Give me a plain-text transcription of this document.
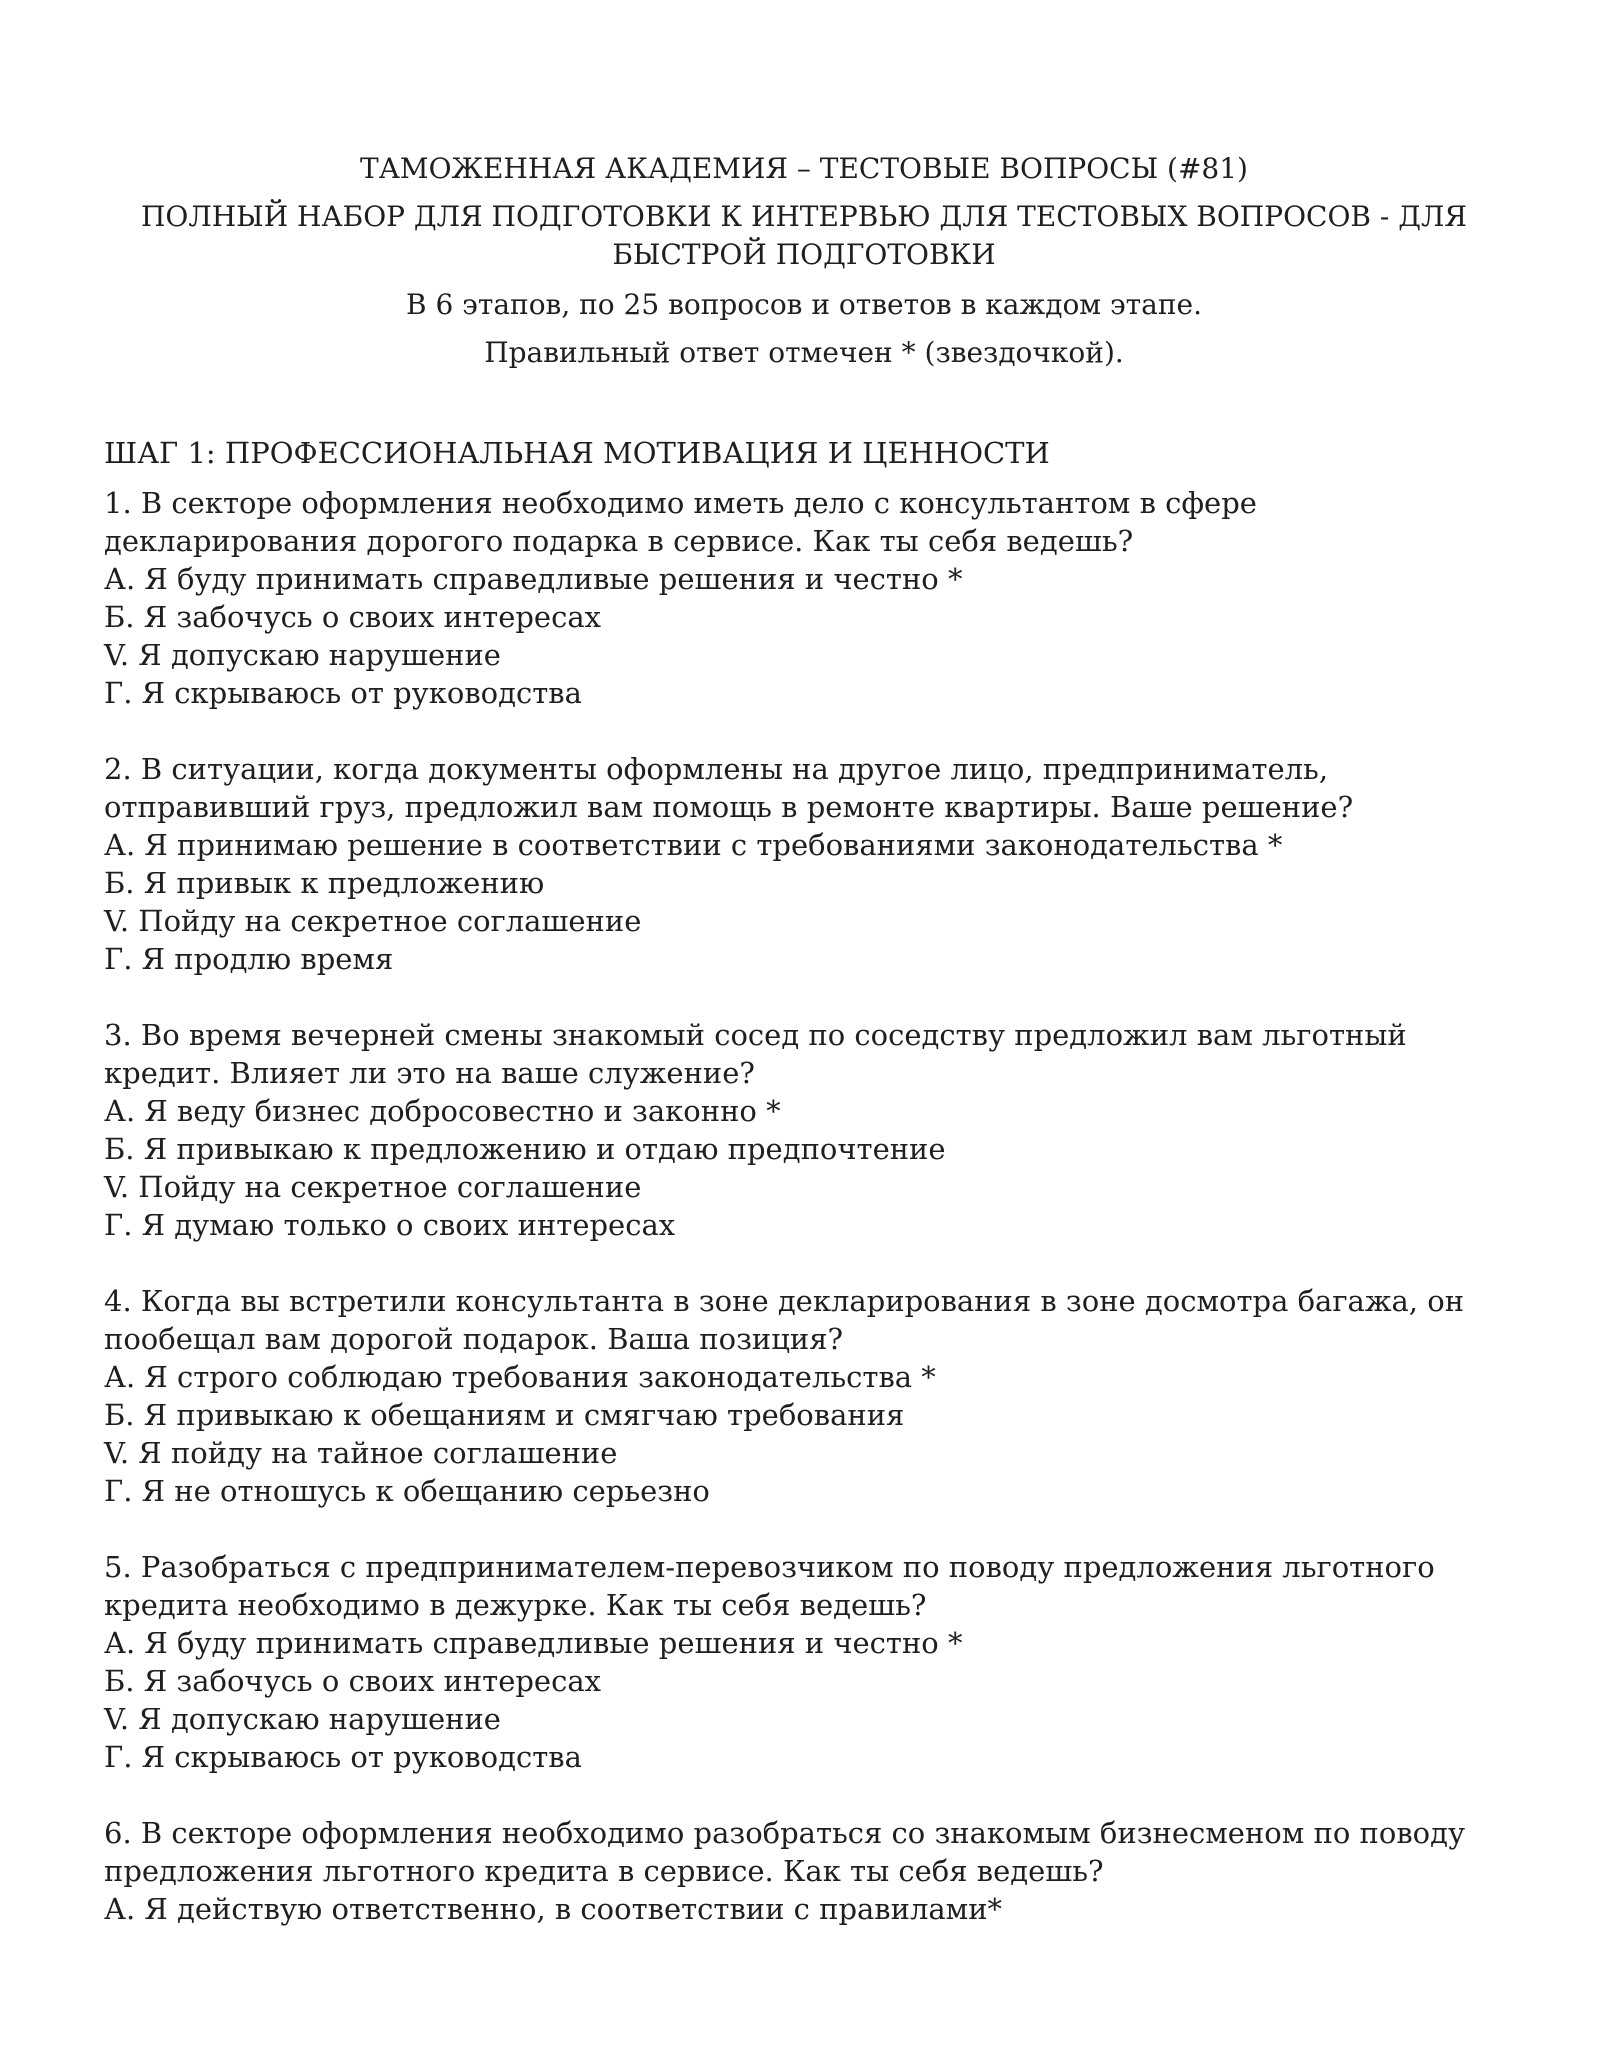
ТАМОЖЕННАЯ АКАДЕМИЯ – ТЕСТОВЫЕ ВОПРОСЫ (#81)
ПОЛНЫЙ НАБОР ДЛЯ ПОДГОТОВКИ К ИНТЕРВЬЮ ДЛЯ ТЕСТОВЫХ ВОПРОСОВ - ДЛЯ БЫСТРОЙ ПОДГОТОВКИ
В 6 этапов, по 25 вопросов и ответов в каждом этапе.
Правильный ответ отмечен * (звездочкой).
ШАГ 1: ПРОФЕССИОНАЛЬНАЯ МОТИВАЦИЯ И ЦЕННОСТИ
1. В секторе оформления необходимо иметь дело с консультантом в сфере декларирования дорогого подарка в сервисе. Как ты себя ведешь?
А. Я буду принимать справедливые решения и честно *
Б. Я забочусь о своих интересах
V. Я допускаю нарушение
Г. Я скрываюсь от руководства
2. В ситуации, когда документы оформлены на другое лицо, предприниматель, отправивший груз, предложил вам помощь в ремонте квартиры. Ваше решение?
А. Я принимаю решение в соответствии с требованиями законодательства *
Б. Я привык к предложению
V. Пойду на секретное соглашение
Г. Я продлю время
3. Во время вечерней смены знакомый сосед по соседству предложил вам льготный кредит. Влияет ли это на ваше служение?
А. Я веду бизнес добросовестно и законно *
Б. Я привыкаю к предложению и отдаю предпочтение
V. Пойду на секретное соглашение
Г. Я думаю только о своих интересах
4. Когда вы встретили консультанта в зоне декларирования в зоне досмотра багажа, он пообещал вам дорогой подарок. Ваша позиция?
А. Я строго соблюдаю требования законодательства *
Б. Я привыкаю к обещаниям и смягчаю требования
V. Я пойду на тайное соглашение
Г. Я не отношусь к обещанию серьезно
5. Разобраться с предпринимателем-перевозчиком по поводу предложения льготного кредита необходимо в дежурке. Как ты себя ведешь?
А. Я буду принимать справедливые решения и честно *
Б. Я забочусь о своих интересах
V. Я допускаю нарушение
Г. Я скрываюсь от руководства
6. В секторе оформления необходимо разобраться со знакомым бизнесменом по поводу предложения льготного кредита в сервисе. Как ты себя ведешь?
А. Я действую ответственно, в соответствии с правилами*
